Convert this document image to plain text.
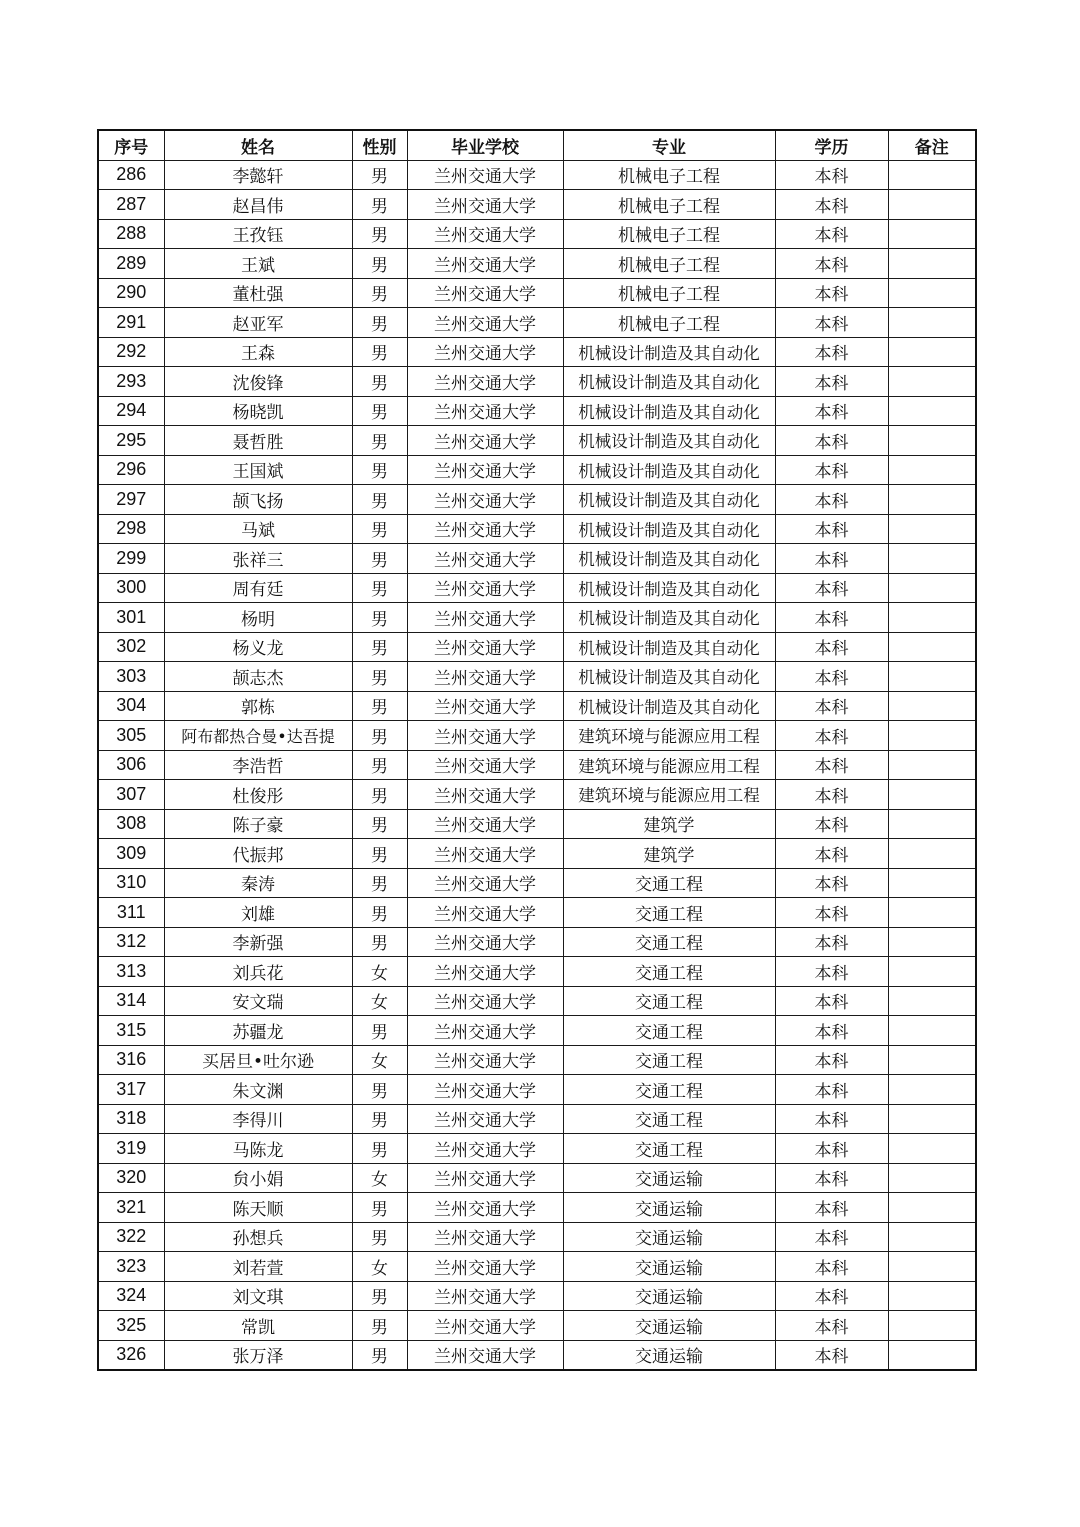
序号	姓名	性别	毕业学校	专业	学历	备注
286	李懿轩	男	兰州交通大学	机械电子工程	本科	
287	赵昌伟	男	兰州交通大学	机械电子工程	本科	
288	王孜钰	男	兰州交通大学	机械电子工程	本科	
289	王斌	男	兰州交通大学	机械电子工程	本科	
290	董杜强	男	兰州交通大学	机械电子工程	本科	
291	赵亚军	男	兰州交通大学	机械电子工程	本科	
292	王森	男	兰州交通大学	机械设计制造及其自动化	本科	
293	沈俊锋	男	兰州交通大学	机械设计制造及其自动化	本科	
294	杨晓凯	男	兰州交通大学	机械设计制造及其自动化	本科	
295	聂哲胜	男	兰州交通大学	机械设计制造及其自动化	本科	
296	王国斌	男	兰州交通大学	机械设计制造及其自动化	本科	
297	颉飞扬	男	兰州交通大学	机械设计制造及其自动化	本科	
298	马斌	男	兰州交通大学	机械设计制造及其自动化	本科	
299	张祥三	男	兰州交通大学	机械设计制造及其自动化	本科	
300	周有廷	男	兰州交通大学	机械设计制造及其自动化	本科	
301	杨明	男	兰州交通大学	机械设计制造及其自动化	本科	
302	杨义龙	男	兰州交通大学	机械设计制造及其自动化	本科	
303	颉志杰	男	兰州交通大学	机械设计制造及其自动化	本科	
304	郭栋	男	兰州交通大学	机械设计制造及其自动化	本科	
305	阿布都热合曼•达吾提	男	兰州交通大学	建筑环境与能源应用工程	本科	
306	李浩哲	男	兰州交通大学	建筑环境与能源应用工程	本科	
307	杜俊彤	男	兰州交通大学	建筑环境与能源应用工程	本科	
308	陈子豪	男	兰州交通大学	建筑学	本科	
309	代振邦	男	兰州交通大学	建筑学	本科	
310	秦涛	男	兰州交通大学	交通工程	本科	
311	刘雄	男	兰州交通大学	交通工程	本科	
312	李新强	男	兰州交通大学	交通工程	本科	
313	刘兵花	女	兰州交通大学	交通工程	本科	
314	安文瑞	女	兰州交通大学	交通工程	本科	
315	苏疆龙	男	兰州交通大学	交通工程	本科	
316	买居旦•吐尔逊	女	兰州交通大学	交通工程	本科	
317	朱文渊	男	兰州交通大学	交通工程	本科	
318	李得川	男	兰州交通大学	交通工程	本科	
319	马陈龙	男	兰州交通大学	交通工程	本科	
320	贠小娟	女	兰州交通大学	交通运输	本科	
321	陈天顺	男	兰州交通大学	交通运输	本科	
322	孙想兵	男	兰州交通大学	交通运输	本科	
323	刘若萱	女	兰州交通大学	交通运输	本科	
324	刘文琪	男	兰州交通大学	交通运输	本科	
325	常凯	男	兰州交通大学	交通运输	本科	
326	张万泽	男	兰州交通大学	交通运输	本科	
